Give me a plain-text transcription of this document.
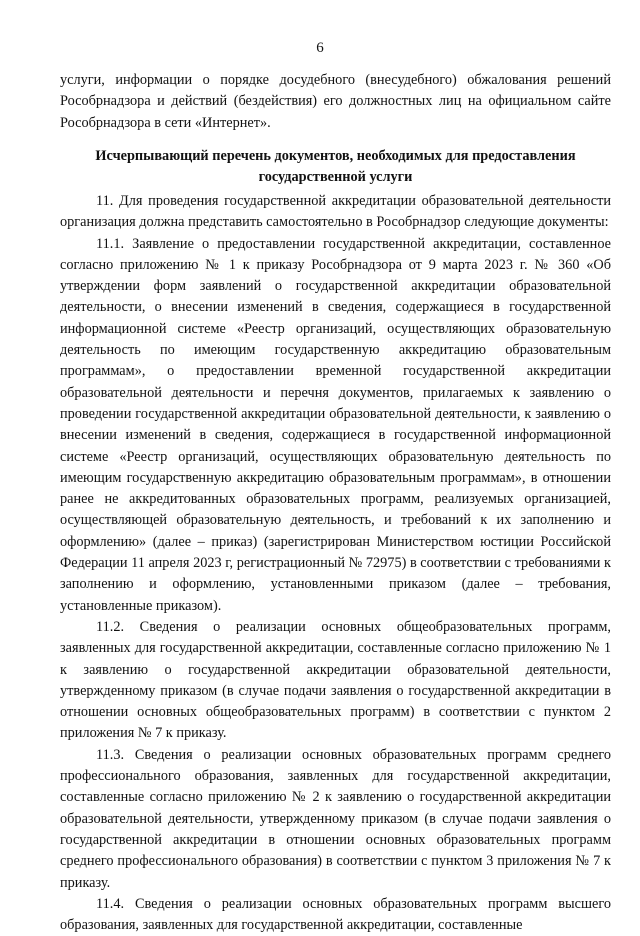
6

услуги, информации о порядке досудебного (внесудебного) обжалования решений Рособрнадзора и действий (бездействия) его должностных лиц на официальном сайте Рособрнадзора в сети «Интернет».

Исчерпывающий перечень документов, необходимых для предоставления государственной услуги

11. Для проведения государственной аккредитации образовательной деятельности организация должна представить самостоятельно в Рособрнадзор следующие документы:

11.1. Заявление о предоставлении государственной аккредитации, составленное согласно приложению № 1 к приказу Рособрнадзора от 9 марта 2023 г. № 360 «Об утверждении форм заявлений о государственной аккредитации образовательной деятельности, о внесении изменений в сведения, содержащиеся в государственной информационной системе «Реестр организаций, осуществляющих образовательную деятельность по имеющим государственную аккредитацию образовательным программам», о предоставлении временной государственной аккредитации образовательной деятельности и перечня документов, прилагаемых к заявлению о проведении государственной аккредитации образовательной деятельности, к заявлению о внесении изменений в сведения, содержащиеся в государственной информационной системе «Реестр организаций, осуществляющих образовательную деятельность по имеющим государственную аккредитацию образовательным программам», в отношении ранее не аккредитованных образовательных программ, реализуемых организацией, осуществляющей образовательную деятельность, и требований к их заполнению и оформлению» (далее – приказ) (зарегистрирован Министерством юстиции Российской Федерации 11 апреля 2023 г, регистрационный № 72975) в соответствии с требованиями к заполнению и оформлению, установленными приказом (далее – требования, установленные приказом).

11.2. Сведения о реализации основных общеобразовательных программ, заявленных для государственной аккредитации, составленные согласно приложению № 1 к заявлению о государственной аккредитации образовательной деятельности, утвержденному приказом (в случае подачи заявления о государственной аккредитации в отношении основных общеобразовательных программ) в соответствии с пунктом 2 приложения № 7 к приказу.

11.3. Сведения о реализации основных образовательных программ среднего профессионального образования, заявленных для государственной аккредитации, составленные согласно приложению № 2 к заявлению о государственной аккредитации образовательной деятельности, утвержденному приказом (в случае подачи заявления о государственной аккредитации в отношении основных образовательных программ среднего профессионального образования) в соответствии с пунктом 3 приложения № 7 к приказу.

11.4. Сведения о реализации основных образовательных программ высшего образования, заявленных для государственной аккредитации, составленные
